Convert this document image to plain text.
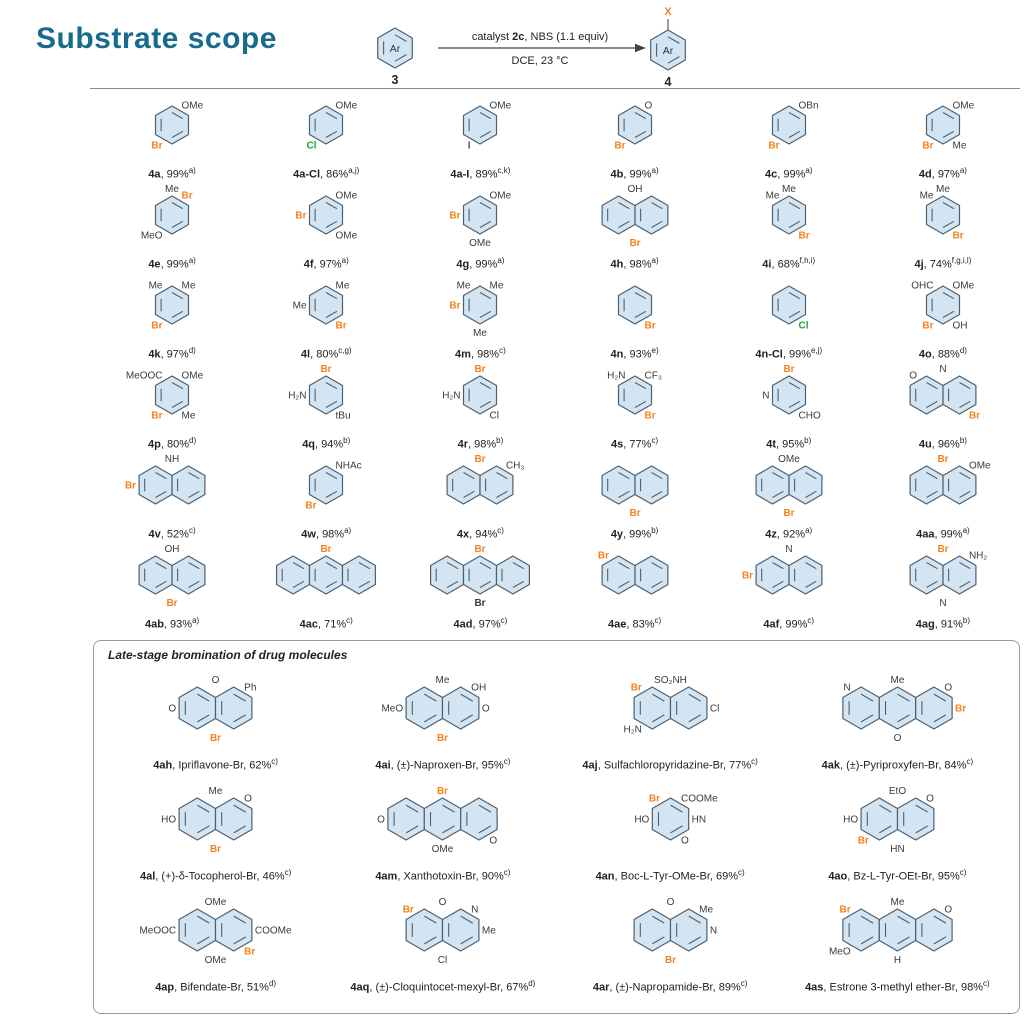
Substrate scope	Ar
3
catalyst 2c, NBS (1.1 equiv)
DCE, 23 °C
X
Ar
4
OMe
Br
4a, 99%$^{a)}$
OMe
Cl
4a-Cl, 86%$^{a,j)}$
OMe
I
4a-I, 89%$^{c,k)}$
O
Br
4b, 99%$^{a)}$
OBn
Br
4c, 99%$^{a)}$
OMe
Me
Br
4d, 97%$^{a)}$
Me
Br
MeO
4e, 99%$^{a)}$
OMe
OMe
Br
4f, 97%$^{a)}$
OMe
Br
OMe
4g, 99%$^{a)}$
OH
Br
4h, 98%$^{a)}$
Me
Me
Br
4i, 68%$^{f,h,i)}$
Me
Me
Br
4j, 74%$^{f,g,i,l)}$
Me Me
Br
4k, 97%$^{d)}$
Me
Me
Br
4l, 80%$^{c,g)}$
Me Me
Me
Br
4m, 98%$^{c)}$
Br
4n, 93%$^{e)}$
Cl
4n-Cl, 99%$^{e,j)}$
OHC OMe
OH
Br
4o, 88%$^{d)}$
MeOOC OMe
Me
Br
4p, 80%$^{d)}$
Br
H₂N
tBu
4q, 94%$^{b)}$
Br
H₂N
Cl
4r, 98%$^{b)}$
H₂N CF₃
Br
4s, 77%$^{c)}$
Br
N
CHO
4t, 95%$^{b)}$
O
N
Br
4u, 96%$^{b)}$
NH
Br
4v, 52%$^{c)}$
NHAc
Br
4w, 98%$^{a)}$
Br
CH₃
4x, 94%$^{c)}$
Br
4y, 99%$^{b)}$
OMe
Br
4z, 92%$^{a)}$
Br
OMe
4aa, 99%$^{a)}$
OH
Br
4ab, 93%$^{a)}$
Br
4ac, 71%$^{c)}$
Br
Br
4ad, 97%$^{c)}$
Br
4ae, 83%$^{c)}$
Br
N
4af, 99%$^{c)}$
Br
NH₂
N
4ag, 91%$^{b)}$
Late-stage bromination of drug molecules
O
Ph
O
Br
4ah, Ipriflavone-Br, 62%$^{c)}$
Me
OH
O
MeO
Br
4ai, (±)-Naproxen-Br, 95%$^{c)}$
Br
SO₂NH
Cl
H₂N
4aj, Sulfachloropyridazine-Br, 77%$^{c)}$
N
Me
O
O
Br
4ak, (±)-Pyriproxyfen-Br, 84%$^{c)}$
Me
O
HO
Br
4al, (+)-δ-Tocopherol-Br, 46%$^{c)}$
Br
O
O
OMe
4am, Xanthotoxin-Br, 90%$^{c)}$
Br COOMe
HO	HN
O
4an, Boc-L-Tyr-OMe-Br, 69%$^{c)}$
EtO
O
HO
Br
HN
4ao, Bz-L-Tyr-OEt-Br, 95%$^{c)}$
OMe
MeOOC	COOMe
Br
OMe
4ap, Bifendate-Br, 51%$^{d)}$
O
Br	N
Me
Cl
4aq, (±)-Cloquintocet-mexyl-Br, 67%$^{d)}$
O
Me
N
Br
4ar, (±)-Napropamide-Br, 89%$^{c)}$
Br
Me
O
MeO
H
4as, Estrone 3-methyl ether-Br, 98%$^{c)}$
